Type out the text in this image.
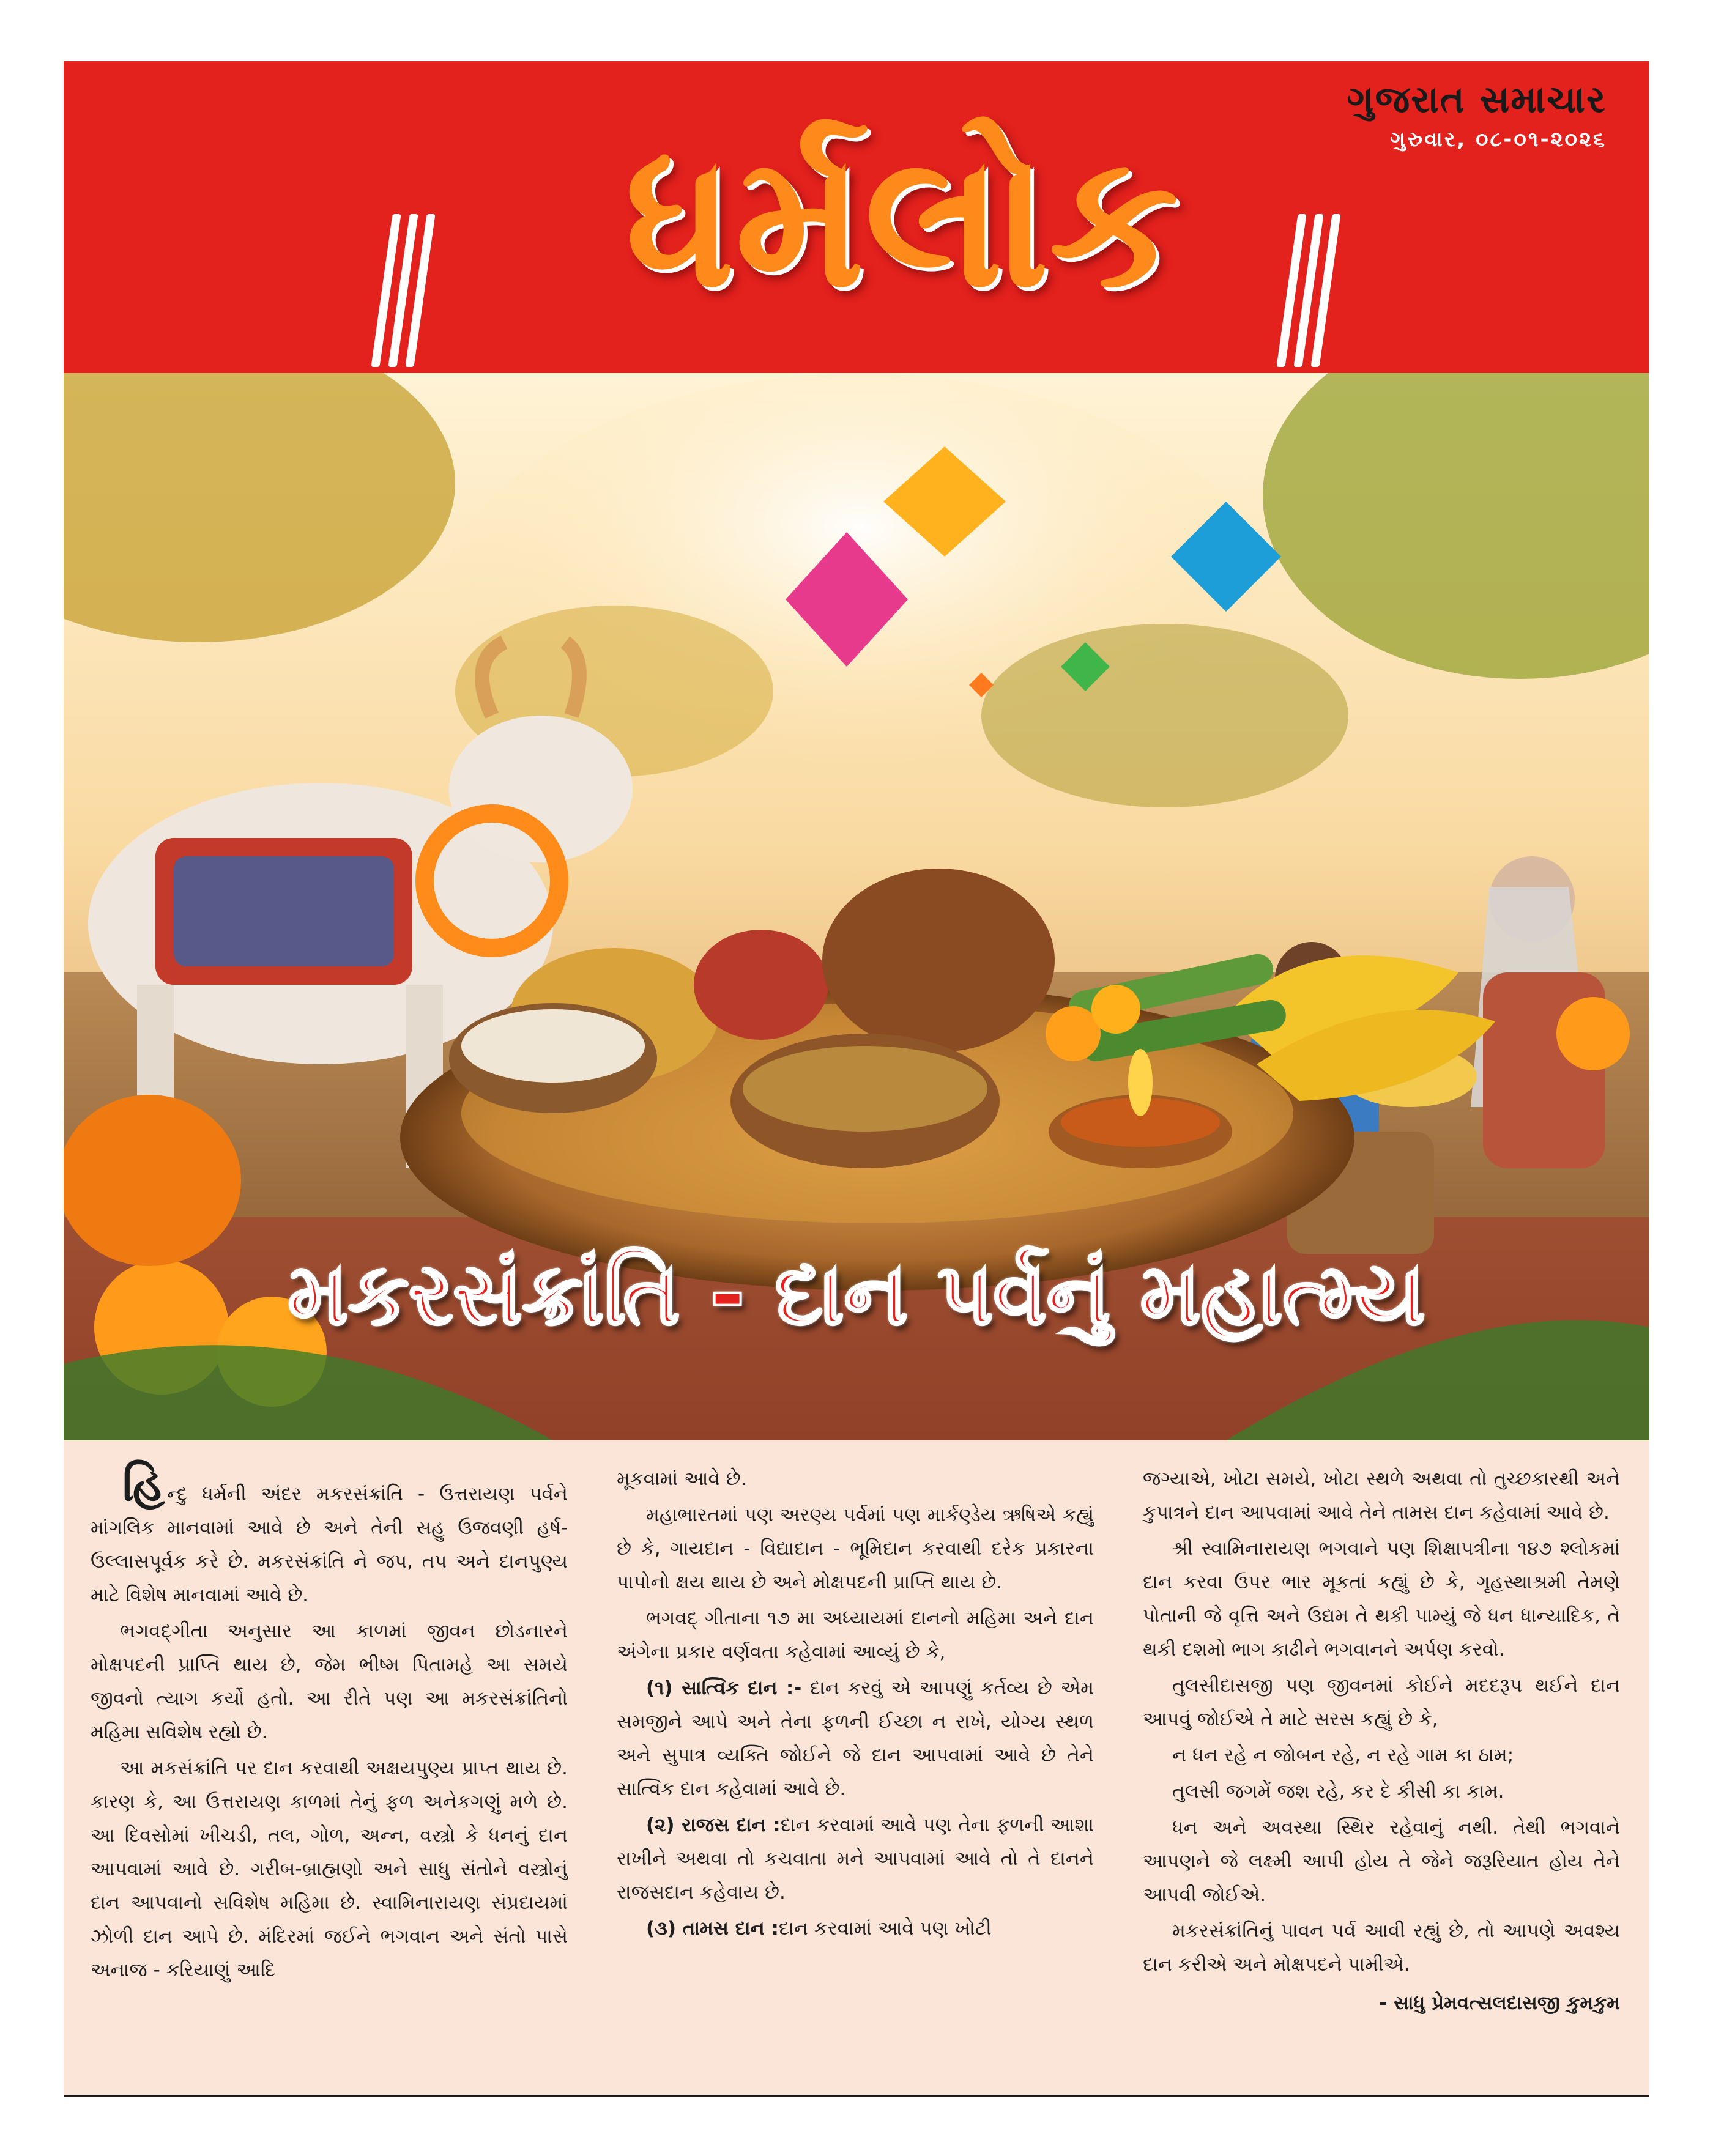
ધર્મલોક

ગુજરાત સમાચાર

ગુરુવાર, ૦૮-૦૧-૨૦૨૬

મકરસંક્રાંતિ - દાન પર્વનું મહાત્મ્ય

હિન્દુ ધર્મની અંદર મકરસંક્રાંતિ - ઉત્તરાયણ પર્વને માંગલિક માનવામાં આવે છે અને તેની સહુ ઉજવણી હર્ષ-ઉલ્લાસપૂર્વક કરે છે. મકરસંક્રાંતિ ને જપ, તપ અને દાનપુણ્ય માટે વિશેષ માનવામાં આવે છે.

ભગવદ્ગીતા અનુસાર આ કાળમાં જીવન છોડનારને મોક્ષપદની પ્રાપ્તિ થાય છે, જેમ ભીષ્મ પિતામહે આ સમયે જીવનો ત્યાગ કર્યો હતો. આ રીતે પણ આ મકરસંક્રાંતિનો મહિમા સવિશેષ રહ્યો છે.

આ મકસંક્રાંતિ પર દાન કરવાથી અક્ષયપુણ્ય પ્રાપ્ત થાય છે. કારણ કે, આ ઉત્તરાયણ કાળમાં તેનું ફળ અનેકગણું મળે છે. આ દિવસોમાં ખીચડી, તલ, ગોળ, અન્ન, વસ્ત્રો કે ધનનું દાન આપવામાં આવે છે. ગરીબ-બ્રાહ્મણો અને સાધુ સંતોને વસ્ત્રોનું દાન આપવાનો સવિશેષ મહિમા છે. સ્વામિનારાયણ સંપ્રદાયમાં ઝોળી દાન આપે છે. મંદિરમાં જઈને ભગવાન અને સંતો પાસે અનાજ - કરિયાણું આદિ

મૂકવામાં આવે છે.

મહાભારતમાં પણ અરણ્ય પર્વમાં પણ માર્કણ્ડેય ઋષિએ કહ્યું છે કે, ગાયદાન - વિદ્યાદાન - ભૂમિદાન કરવાથી દરેક પ્રકારના પાપોનો ક્ષય થાય છે અને મોક્ષપદની પ્રાપ્તિ થાય છે.

ભગવદ્ ગીતાના ૧૭ મા અધ્યાયમાં દાનનો મહિમા અને દાન અંગેના પ્રકાર વર્ણવતા કહેવામાં આવ્યું છે કે,

(૧) સાત્વિક દાન :- દાન કરવું એ આપણું કર્તવ્ય છે એમ સમજીને આપે અને તેના ફળની ઈચ્છા ન રાખે, યોગ્ય સ્થળ અને સુપાત્ર વ્યક્તિ જોઈને જે દાન આપવામાં આવે છે તેને સાત્વિક દાન કહેવામાં આવે છે.

(૨) રાજસ દાન :દાન કરવામાં આવે પણ તેના ફળની આશા રાખીને અથવા તો કચવાતા મને આપવામાં આવે તો તે દાનને રાજસદાન કહેવાય છે.

(૩) તામસ દાન :દાન કરવામાં આવે પણ ખોટી

જગ્યાએ, ખોટા સમયે, ખોટા સ્થળે અથવા તો તુચ્છકારથી અને કુપાત્રને દાન આપવામાં આવે તેને તામસ દાન કહેવામાં આવે છે.

શ્રી સ્વામિનારાયણ ભગવાને પણ શિક્ષાપત્રીના ૧૪૭ શ્લોકમાં દાન કરવા ઉપર ભાર મૂકતાં કહ્યું છે કે, ગૃહસ્થાશ્રમી તેમણે પોતાની જે વૃત્તિ અને ઉદ્યમ તે થકી પામ્યું જે ધન ધાન્યાદિક, તે થકી દશમો ભાગ કાઢીને ભગવાનને અર્પણ કરવો.

તુલસીદાસજી પણ જીવનમાં કોઈને મદદરૂપ થઈને દાન આપવું જોઈએ તે માટે સરસ કહ્યું છે કે,

ન ધન રહે ન જોબન રહે, ન રહે ગામ કા ઠામ;

તુલસી જગમેં જશ રહે, કર દે કીસી કા કામ.

ધન અને અવસ્થા સ્થિર રહેવાનું નથી. તેથી ભગવાને આપણને જે લક્ષ્મી આપી હોય તે જેને જરૂરિયાત હોય તેને આપવી જોઈએ.

મકરસંક્રાંતિનું પાવન પર્વ આવી રહ્યું છે, તો આપણે અવશ્ય દાન કરીએ અને મોક્ષપદને પામીએ.

- સાધુ પ્રેમવત્સલદાસજી કુમકુમ
